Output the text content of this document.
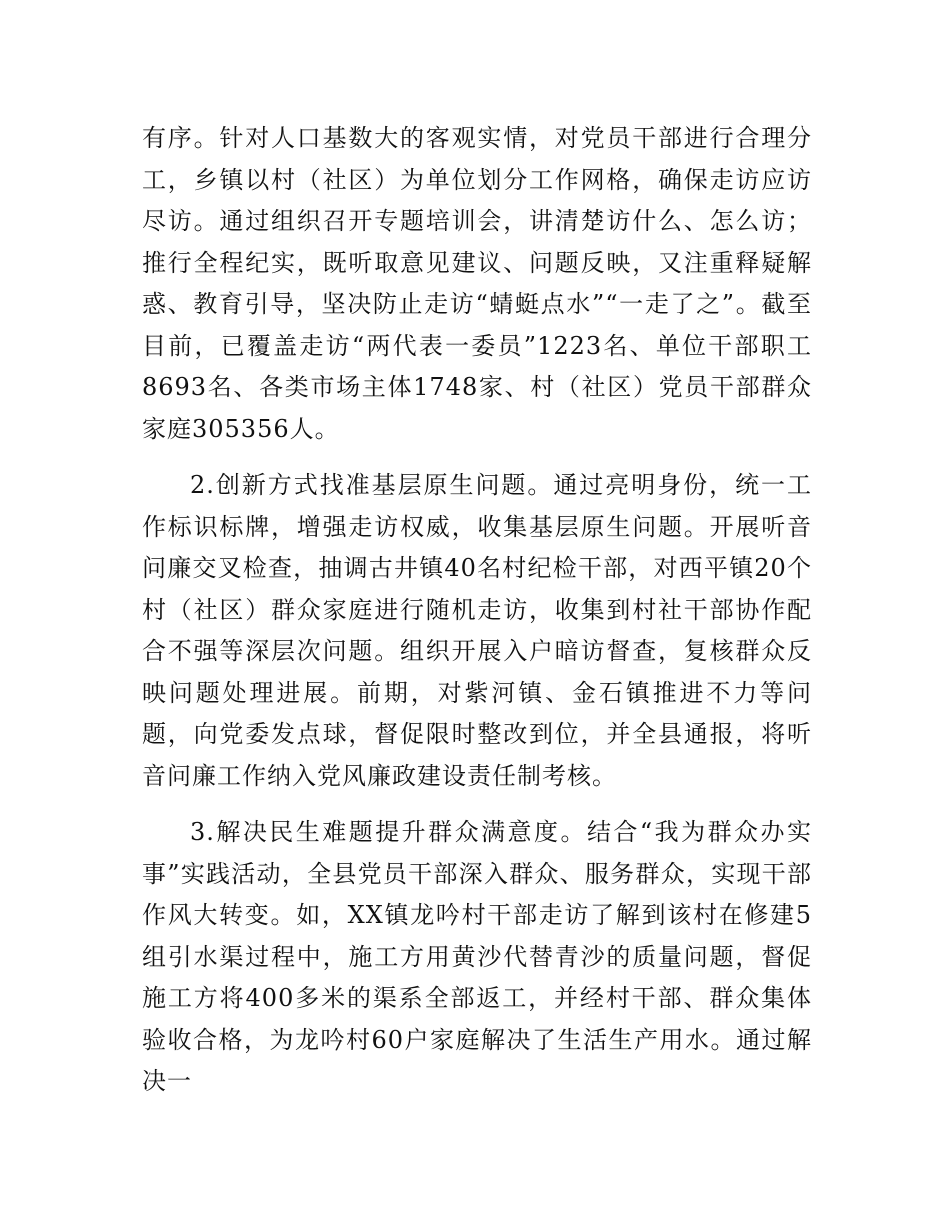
有序。针对人口基数大的客观实情，对党员干部进行合理分工，乡镇以村（社区）为单位划分工作网格，确保走访应访尽访。通过组织召开专题培训会，讲清楚访什么、怎么访；推行全程纪实，既听取意见建议、问题反映，又注重释疑解惑、教育引导，坚决防止走访“蜻蜓点水”“一走了之”。截至目前，已覆盖走访“两代表一委员”1223名、单位干部职工8693名、各类市场主体1748家、村（社区）党员干部群众家庭305356人。

2.创新方式找准基层原生问题。通过亮明身份，统一工作标识标牌，增强走访权威，收集基层原生问题。开展听音问廉交叉检查，抽调古井镇40名村纪检干部，对西平镇20个村（社区）群众家庭进行随机走访，收集到村社干部协作配合不强等深层次问题。组织开展入户暗访督查，复核群众反映问题处理进展。前期，对紫河镇、金石镇推进不力等问题，向党委发点球，督促限时整改到位，并全县通报，将听音问廉工作纳入党风廉政建设责任制考核。

3.解决民生难题提升群众满意度。结合“我为群众办实事”实践活动，全县党员干部深入群众、服务群众，实现干部作风大转变。如，XX镇龙吟村干部走访了解到该村在修建5组引水渠过程中，施工方用黄沙代替青沙的质量问题，督促施工方将400多米的渠系全部返工，并经村干部、群众集体验收合格，为龙吟村60户家庭解决了生活生产用水。通过解决一
